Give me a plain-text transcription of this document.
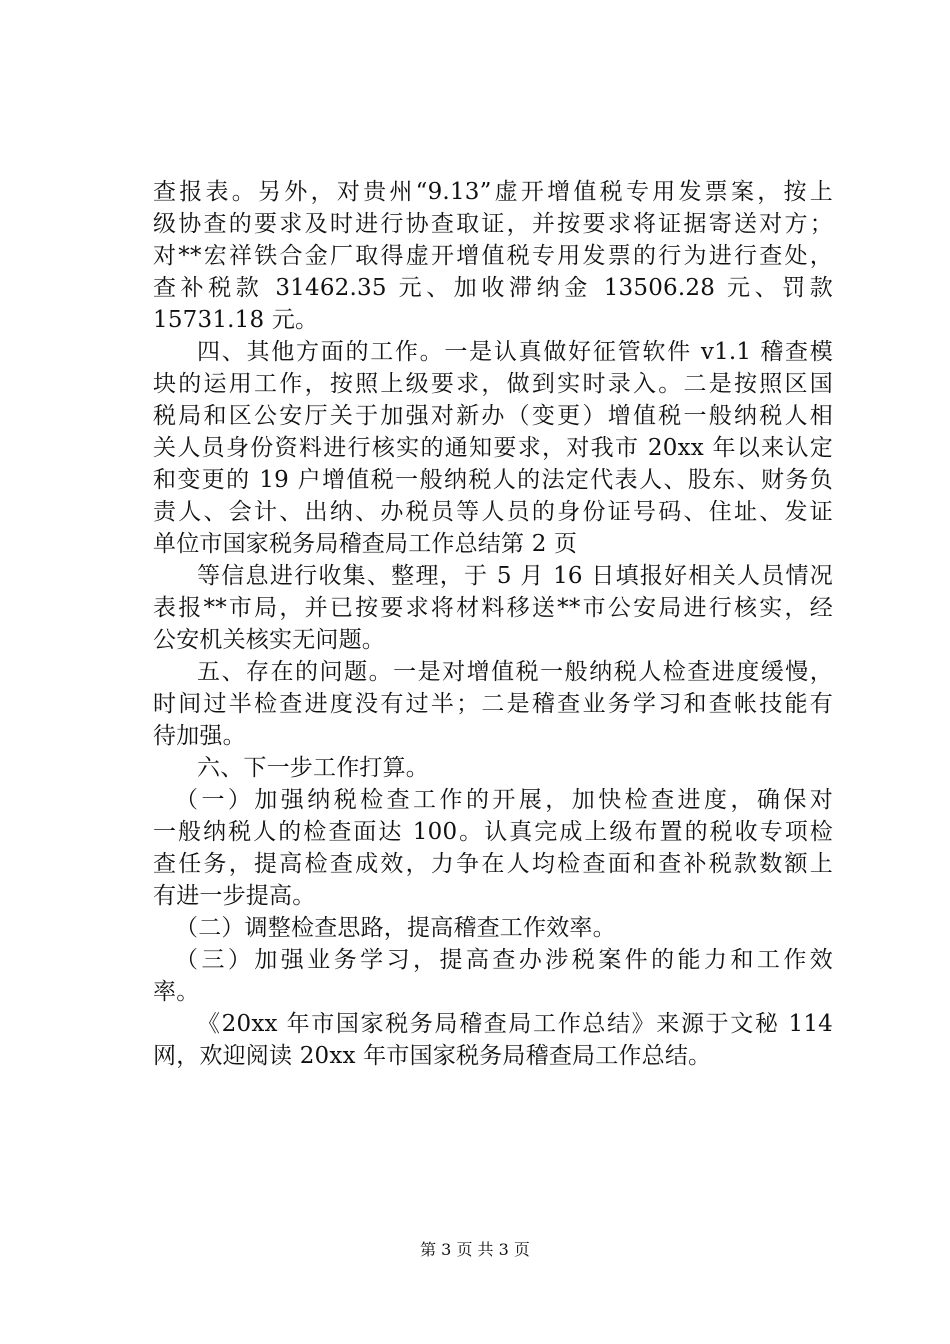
查报表。另外，对贵州“9.13”虚开增值税专用发票案，按上
级协查的要求及时进行协查取证，并按要求将证据寄送对方；
对**宏祥铁合金厂取得虚开增值税专用发票的行为进行查处，
查补税款 31462.35 元、加收滞纳金 13506.28 元、罚款
15731.18 元。
四、其他方面的工作。一是认真做好征管软件 v1.1 稽查模
块的运用工作，按照上级要求，做到实时录入。二是按照区国
税局和区公安厅关于加强对新办（变更）增值税一般纳税人相
关人员身份资料进行核实的通知要求，对我市 20xx 年以来认定
和变更的 19 户增值税一般纳税人的法定代表人、股东、财务负
责人、会计、出纳、办税员等人员的身份证号码、住址、发证
单位市国家税务局稽查局工作总结第 2 页
等信息进行收集、整理，于 5 月 16 日填报好相关人员情况
表报**市局，并已按要求将材料移送**市公安局进行核实，经
公安机关核实无问题。
五、存在的问题。一是对增值税一般纳税人检查进度缓慢，
时间过半检查进度没有过半；二是稽查业务学习和查帐技能有
待加强。
六、下一步工作打算。
（一）加强纳税检查工作的开展，加快检查进度，确保对
一般纳税人的检查面达 100。认真完成上级布置的税收专项检
查任务，提高检查成效，力争在人均检查面和查补税款数额上
有进一步提高。
（二）调整检查思路，提高稽查工作效率。
（三）加强业务学习，提高查办涉税案件的能力和工作效
率。
《20xx 年市国家税务局稽查局工作总结》来源于文秘 114
网，欢迎阅读 20xx 年市国家税务局稽查局工作总结。
第 3 页 共 3 页
